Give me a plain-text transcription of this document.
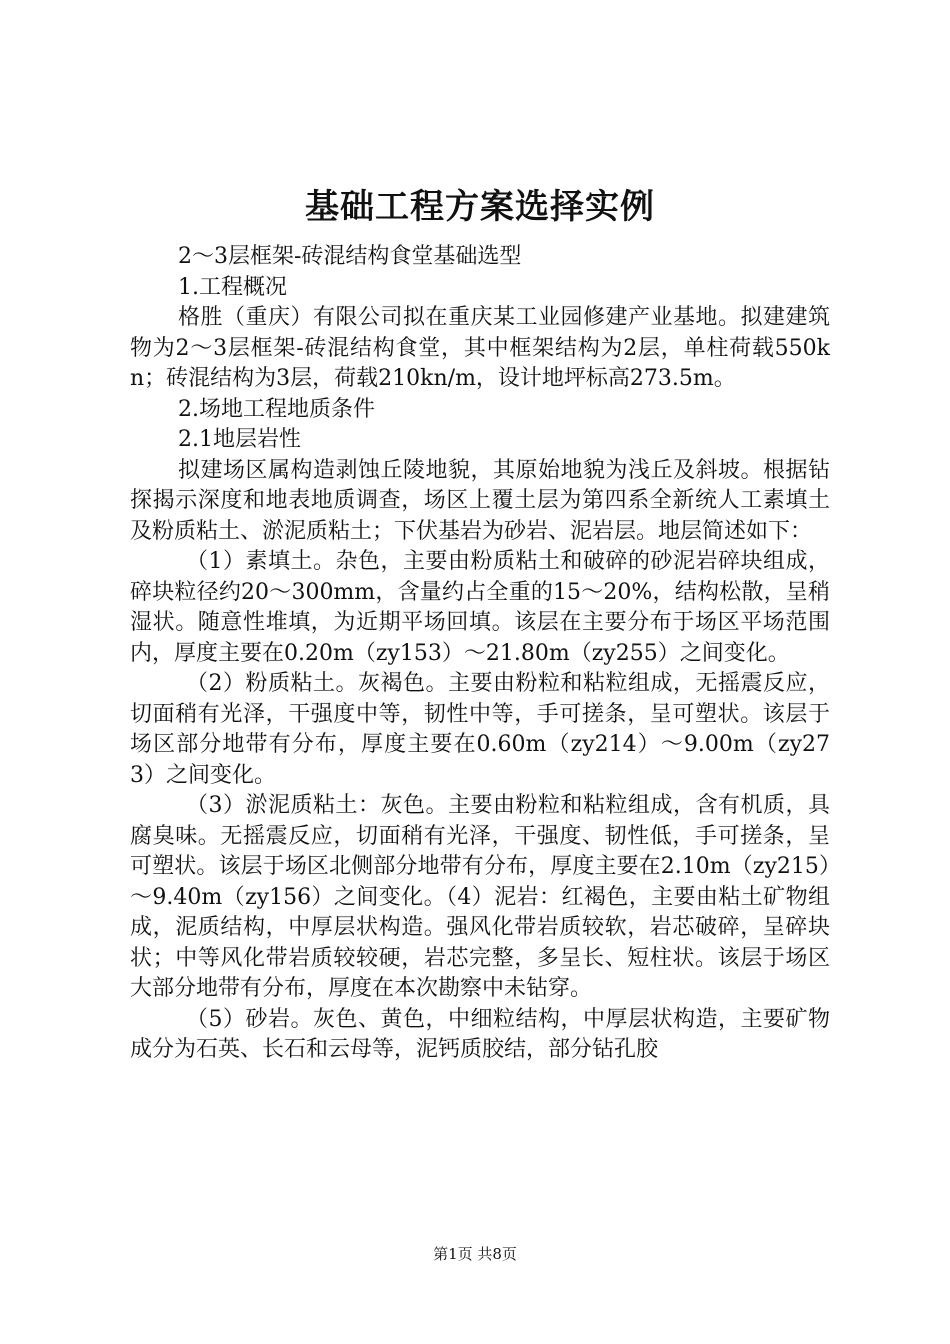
基础工程方案选择实例

2～3层框架-砖混结构食堂基础选型

1.工程概况

格胜（重庆）有限公司拟在重庆某工业园修建产业基地。拟建建筑物为2～3层框架-砖混结构食堂，其中框架结构为2层，单柱荷载550kn；砖混结构为3层，荷载210kn/m，设计地坪标高273.5m。

2.场地工程地质条件

2.1地层岩性

拟建场区属构造剥蚀丘陵地貌，其原始地貌为浅丘及斜坡。根据钻探揭示深度和地表地质调查，场区上覆土层为第四系全新统人工素填土及粉质粘土、淤泥质粘土；下伏基岩为砂岩、泥岩层。地层简述如下：

（1）素填土。杂色，主要由粉质粘土和破碎的砂泥岩碎块组成，碎块粒径约20～300mm，含量约占全重的15～20%，结构松散，呈稍湿状。随意性堆填，为近期平场回填。该层在主要分布于场区平场范围内，厚度主要在0.20m（zy153）～21.80m（zy255）之间变化。

（2）粉质粘土。灰褐色。主要由粉粒和粘粒组成，无摇震反应，切面稍有光泽，干强度中等，韧性中等，手可搓条，呈可塑状。该层于场区部分地带有分布，厚度主要在0.60m（zy214）～9.00m（zy273）之间变化。

（3）淤泥质粘土：灰色。主要由粉粒和粘粒组成，含有机质，具腐臭味。无摇震反应，切面稍有光泽，干强度、韧性低，手可搓条，呈可塑状。该层于场区北侧部分地带有分布，厚度主要在2.10m（zy215）～9.40m（zy156）之间变化。（4）泥岩：红褐色，主要由粘土矿物组成，泥质结构，中厚层状构造。强风化带岩质较软，岩芯破碎，呈碎块状；中等风化带岩质较较硬，岩芯完整，多呈长、短柱状。该层于场区大部分地带有分布，厚度在本次勘察中未钻穿。

（5）砂岩。灰色、黄色，中细粒结构，中厚层状构造，主要矿物成分为石英、长石和云母等，泥钙质胶结，部分钻孔胶

第1页 共8页
